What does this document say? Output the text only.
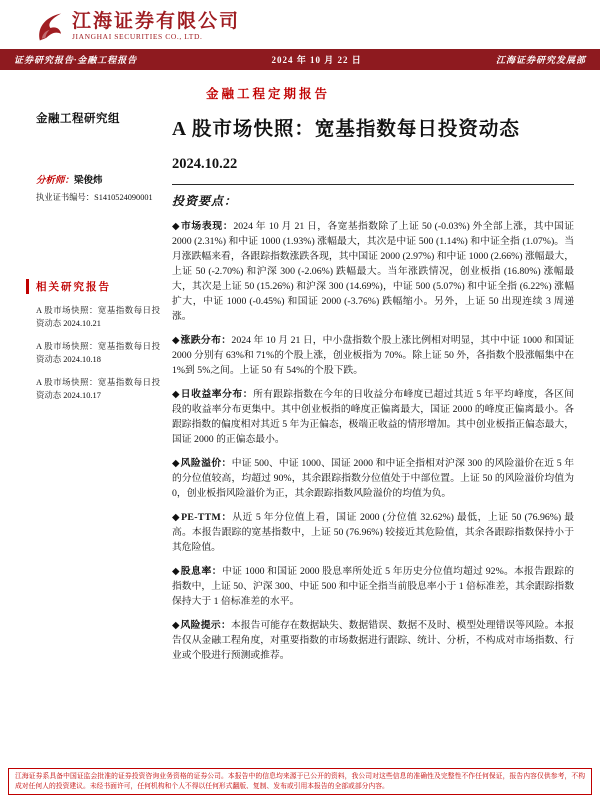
江海证券有限公司
JIANGHAI SECURITIES CO., LTD.
证券研究报告·金融工程报告	2024 年 10 月 22 日	江海证券研究发展部
金融工程研究组
分析师：梁俊炜
执业证书编号：S1410524090001
相关研究报告
A 股市场快照：宽基指数每日投资动态 2024.10.21
A 股市场快照：宽基指数每日投资动态 2024.10.18
A 股市场快照：宽基指数每日投资动态 2024.10.17
金融工程定期报告
A 股市场快照：宽基指数每日投资动态
2024.10.22
投资要点：

◆市场表现：2024 年 10 月 21 日，各宽基指数除了上证 50 (-0.03%) 外全部上涨，其中国证 2000 (2.31%) 和中证 1000 (1.93%) 涨幅最大，其次是中证 500 (1.14%) 和中证全指 (1.07%)。当月涨跌幅来看，各跟踪指数涨跌各现，其中国证 2000 (2.97%) 和中证 1000 (2.66%) 涨幅最大，上证 50 (-2.70%) 和沪深 300 (-2.06%) 跌幅最大。当年涨跌情况，创业板指 (16.80%) 涨幅最大，其次是上证 50 (15.26%) 和沪深 300 (14.69%)，中证 500 (5.07%) 和中证全指 (6.22%) 涨幅扩大，中证 1000 (-0.45%) 和国证 2000 (-3.76%) 跌幅缩小。另外，上证 50 出现连续 3 周递涨。

◆涨跌分布：2024 年 10 月 21 日，中小盘指数个股上涨比例相对明显，其中中证 1000 和国证 2000 分别有 63%和 71%的个股上涨，创业板指为 70%。除上证 50 外，各指数个股涨幅集中在 1%到 5%之间。上证 50 有 54%的个股下跌。

◆日收益率分布：所有跟踪指数在今年的日收益分布峰度已超过其近 5 年平均峰度，各区间段的收益率分布更集中。其中创业板指的峰度正偏离最大，国证 2000 的峰度正偏离最小。各跟踪指数的偏度相对其近 5 年为正偏态，极端正收益的情形增加。其中创业板指正偏态最大，国证 2000 的正偏态最小。

◆风险溢价：中证 500、中证 1000、国证 2000 和中证全指相对沪深 300 的风险溢价在近 5 年的分位值较高，均超过 90%，其余跟踪指数分位值处于中部位置。上证 50 的风险溢价均值为 0，创业板指风险溢价为正，其余跟踪指数风险溢价的均值为负。

◆PE-TTM：从近 5 年分位值上看，国证 2000 (分位值 32.62%) 最低，上证 50 (76.96%) 最高。本报告跟踪的宽基指数中，上证 50 (76.96%) 较接近其危险值，其余各跟踪指数保持小于其危险值。

◆股息率：中证 1000 和国证 2000 股息率所处近 5 年历史分位值均超过 92%。本报告跟踪的指数中，上证 50、沪深 300、中证 500 和中证全指当前股息率小于 1 倍标准差，其余跟踪指数保持大于 1 倍标准差的水平。

◆风险提示：本报告可能存在数据缺失、数据错误、数据不及时、模型处理错误等风险。本报告仅从金融工程角度，对重要指数的市场数据进行跟踪、统计、分析，不构成对市场指数、行业或个股进行预测或推荐。

江海证券系具备中国证监会批准的证券投资咨询业务资格的证券公司。本报告中的信息均来源于已公开的资料，我公司对这些信息的准确性及完整性不作任何保证，报告内容仅供参考，不构成对任何人的投资建议。未经书面许可，任何机构和个人不得以任何形式翻版、复制、发布或引用本报告的全部或部分内容。
